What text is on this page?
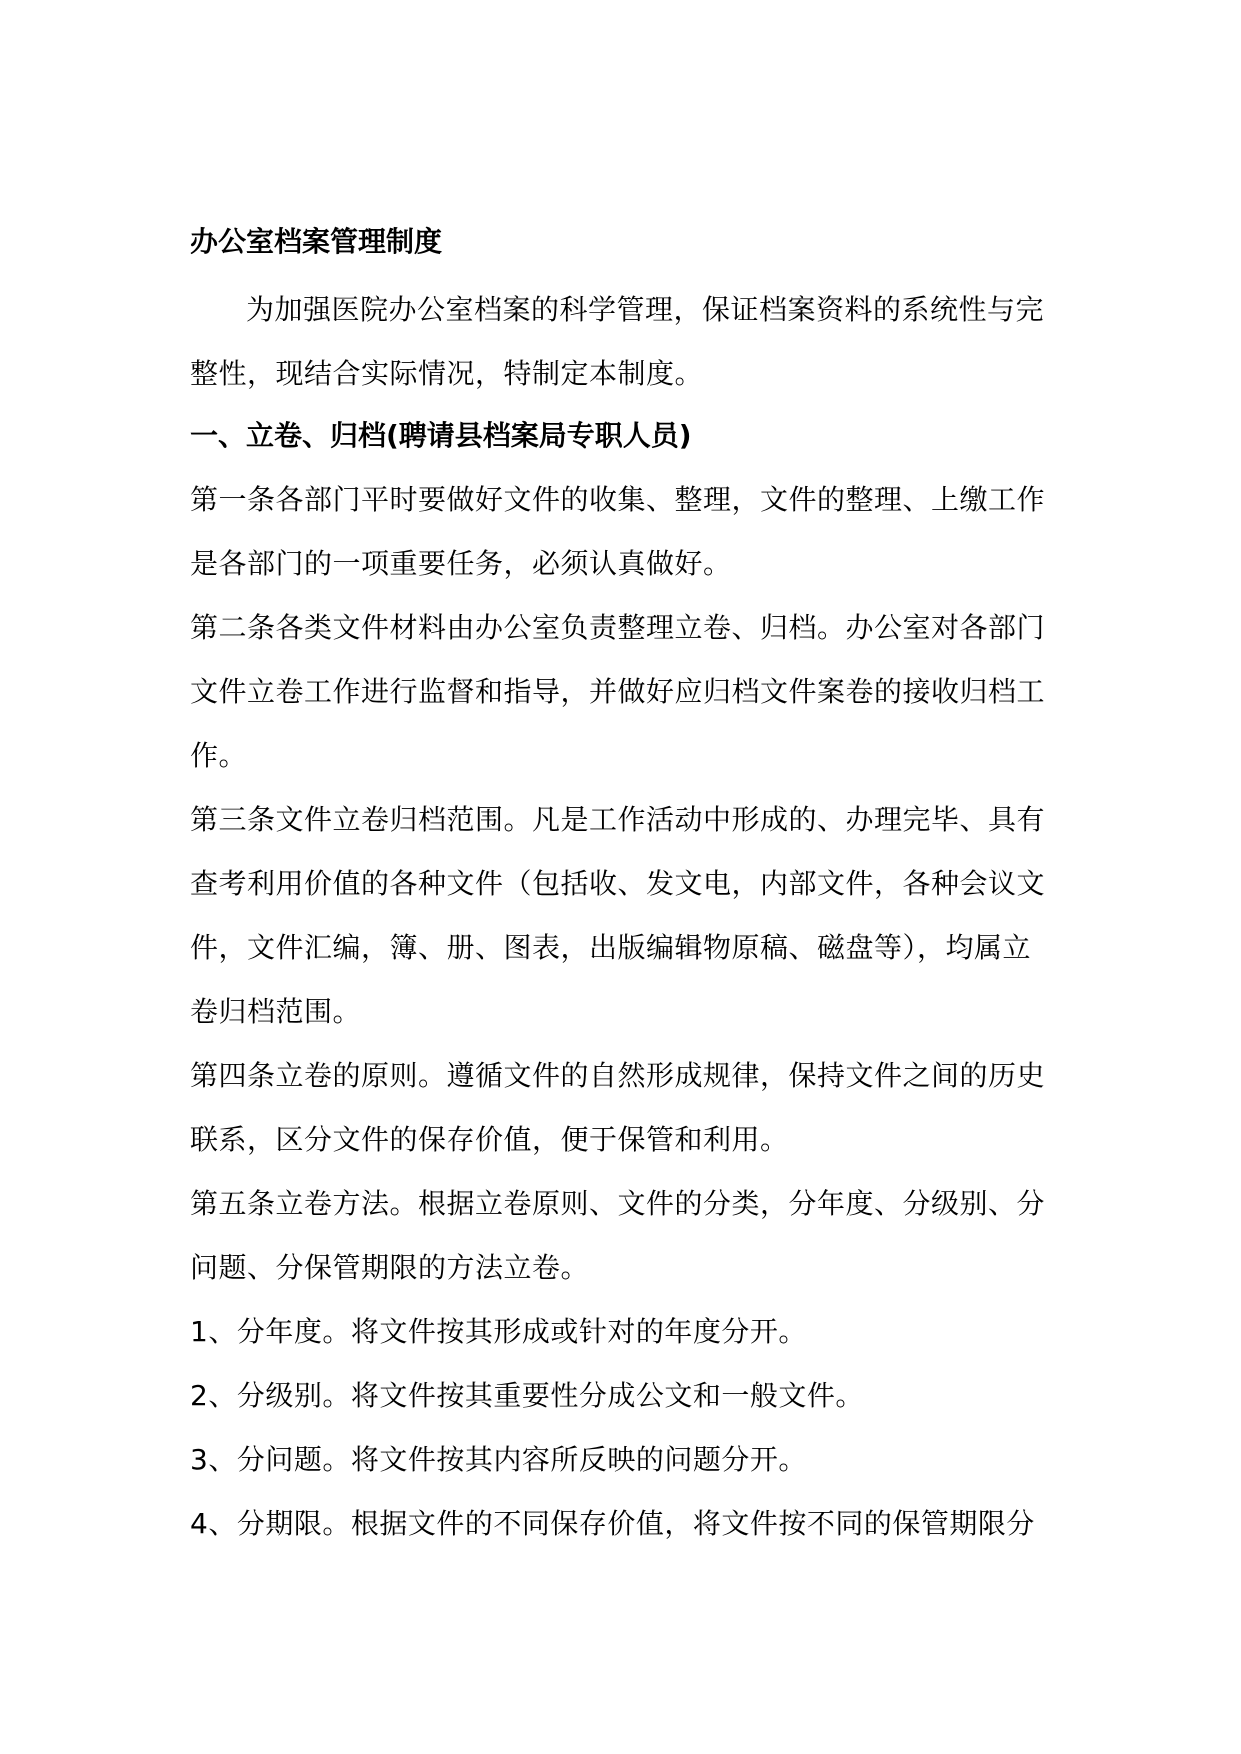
办公室档案管理制度

为加强医院办公室档案的科学管理，保证档案资料的系统性与完整性，现结合实际情况，特制定本制度。

一、立卷、归档(聘请县档案局专职人员)

第一条各部门平时要做好文件的收集、整理，文件的整理、上缴工作是各部门的一项重要任务，必须认真做好。

第二条各类文件材料由办公室负责整理立卷、归档。办公室对各部门文件立卷工作进行监督和指导，并做好应归档文件案卷的接收归档工作。

第三条文件立卷归档范围。凡是工作活动中形成的、办理完毕、具有查考利用价值的各种文件（包括收、发文电，内部文件，各种会议文件，文件汇编，簿、册、图表，出版编辑物原稿、磁盘等），均属立卷归档范围。

第四条立卷的原则。遵循文件的自然形成规律，保持文件之间的历史联系，区分文件的保存价值，便于保管和利用。

第五条立卷方法。根据立卷原则、文件的分类，分年度、分级别、分问题、分保管期限的方法立卷。

1、分年度。将文件按其形成或针对的年度分开。

2、分级别。将文件按其重要性分成公文和一般文件。

3、分问题。将文件按其内容所反映的问题分开。

4、分期限。根据文件的不同保存价值，将文件按不同的保管期限分
